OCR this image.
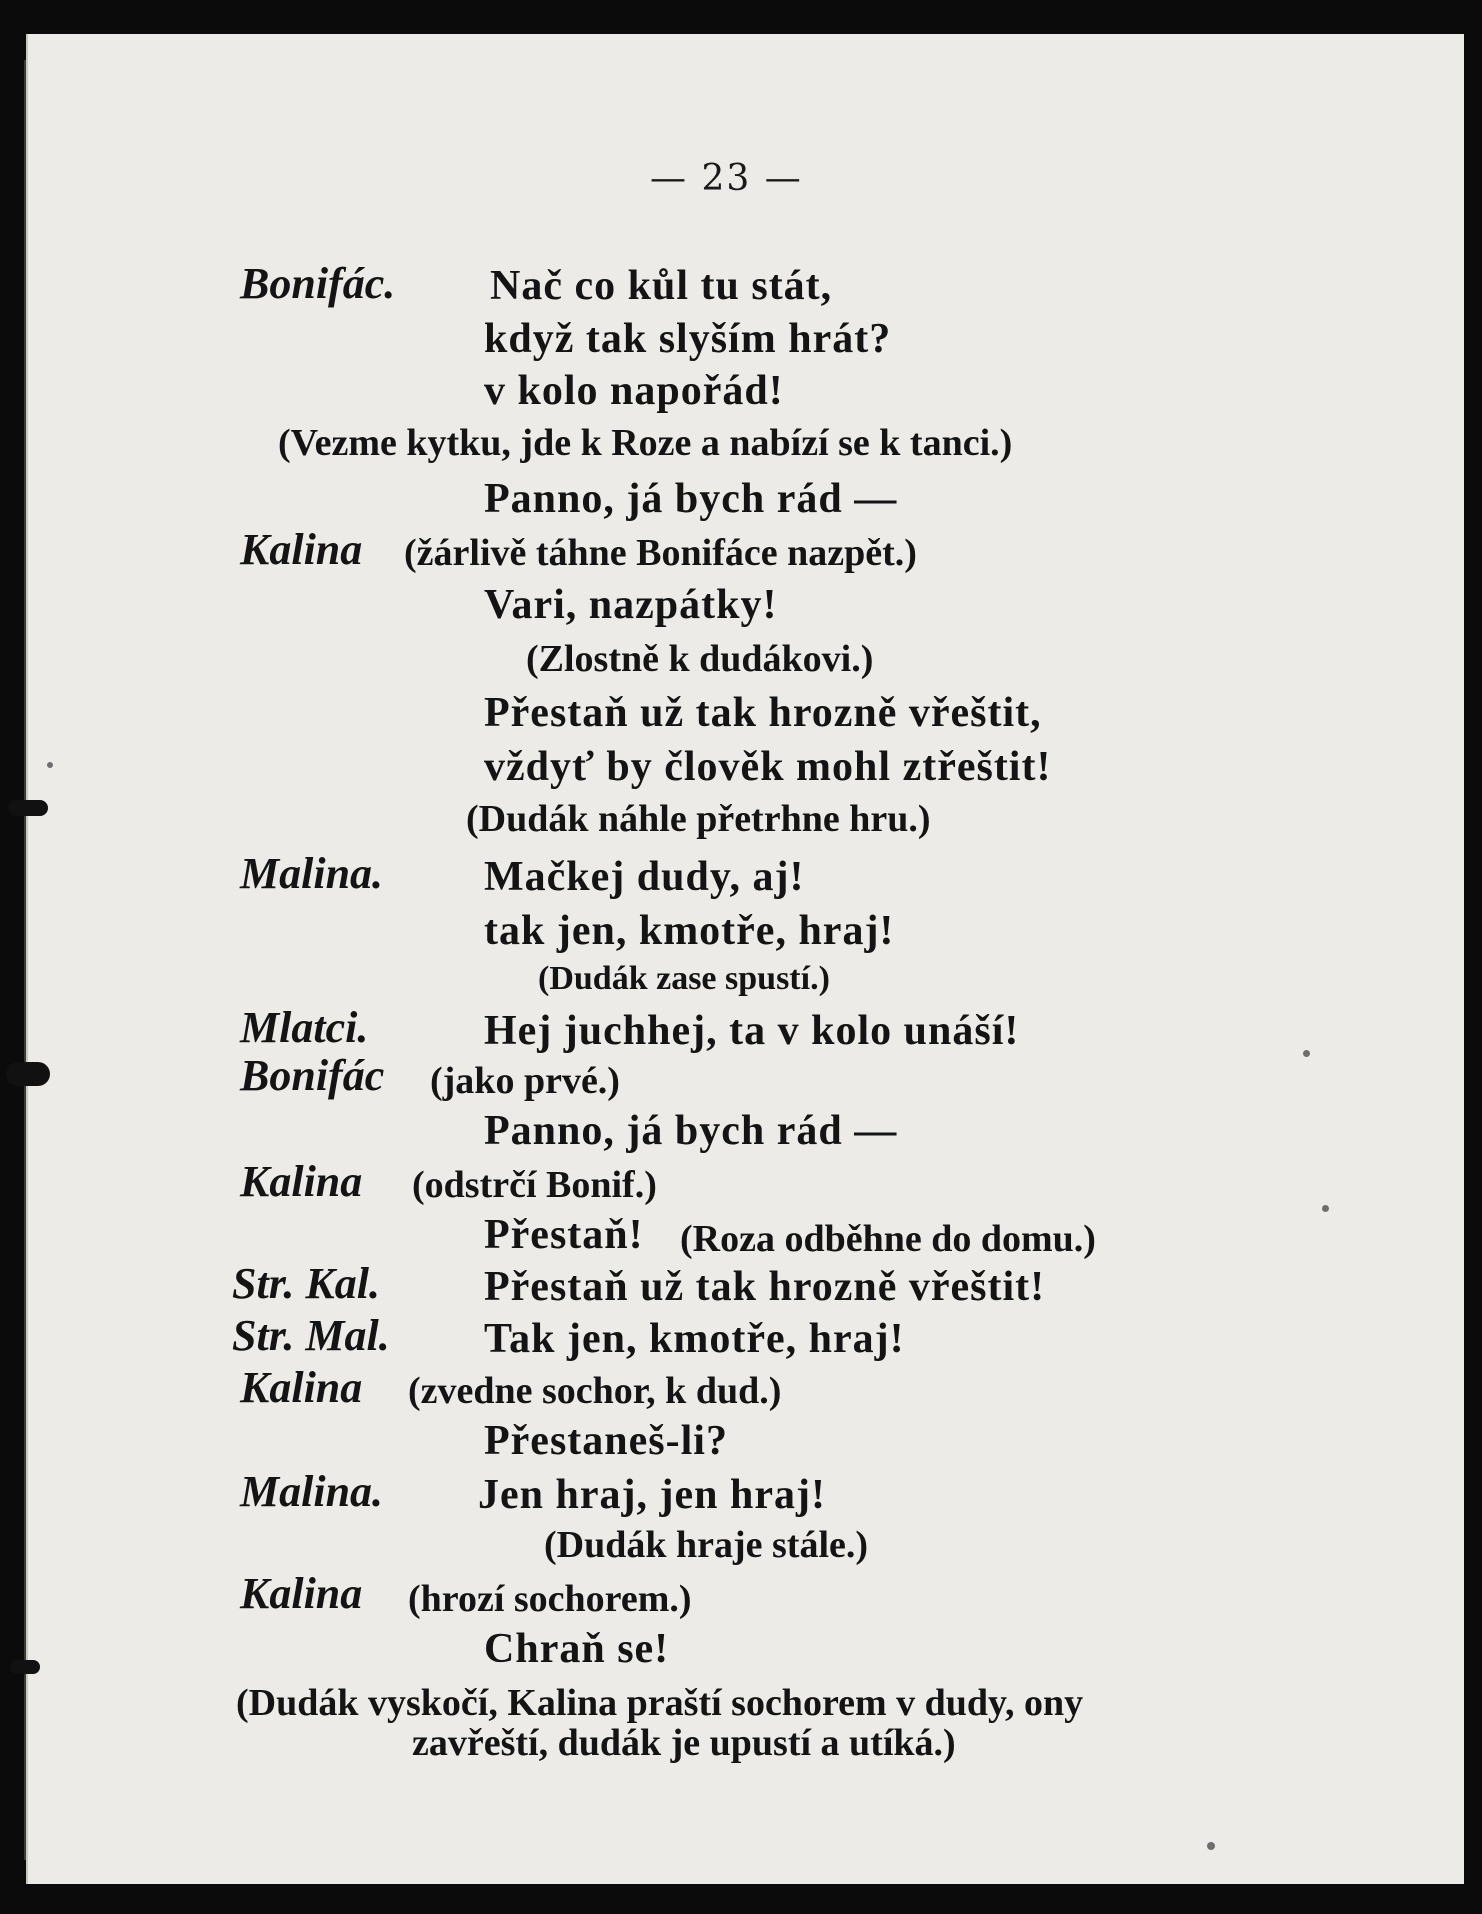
— 23 —
Bonifác. Nač co kůl tu stát,
když tak slyším hrát?
v kolo napořád!
(Vezme kytku, jde k Roze a nabízí se k tanci.)
Panno, já bych rád —
Kalina (žárlivě táhne Bonifáce nazpět.)
Vari, nazpátky!
(Zlostně k dudákovi.)
Přestaň už tak hrozně vřeštit,
vždyť by člověk mohl ztřeštit!
(Dudák náhle přetrhne hru.)
Malina. Mačkej dudy, aj!
tak jen, kmotře, hraj!
(Dudák zase spustí.)
Mlatci.	Hej juchhej, ta v kolo unáší!
Bonifác (jako prvé.)
Panno, já bych rád —
Kalina (odstrčí Bonif.)
Přestaň! (Roza odběhne do domu.)
Str. Kal. Přestaň už tak hrozně vřeštit!
Str. Mal. Tak jen, kmotře, hraj!
Kalina (zvedne sochor, k dud.)
Přestaneš-li?
Malina. Jen hraj, jen hraj!
(Dudák hraje stále.)
Kalina (hrozí sochorem.)
Chraň se!
(Dudák vyskočí, Kalina praští sochorem v dudy, ony
zavřeští, dudák je upustí a utíká.)
